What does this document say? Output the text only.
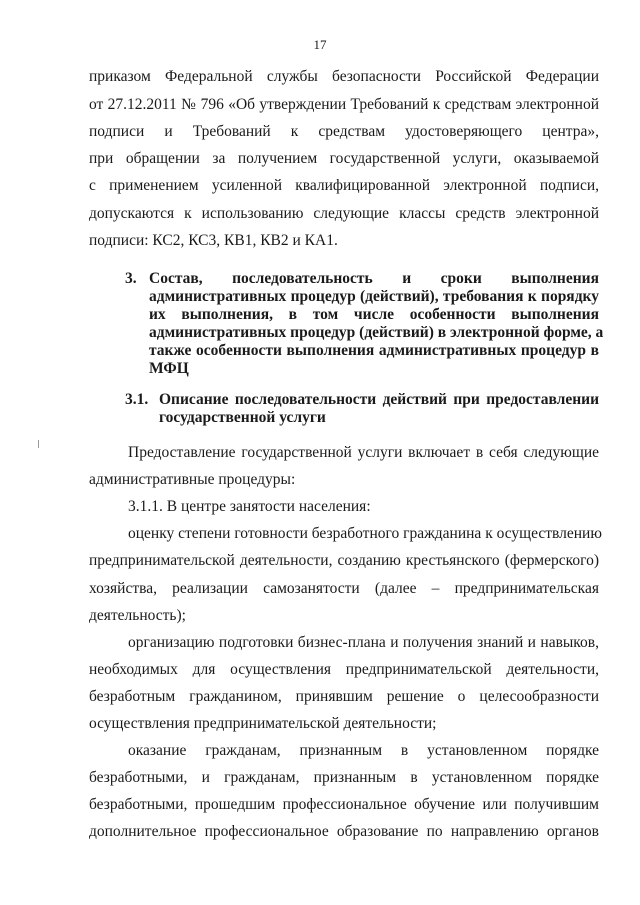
17
приказом Федеральной службы безопасности Российской Федерации
от 27.12.2011 № 796 «Об утверждении Требований к средствам электронной
подписи и Требований к средствам удостоверяющего центра»,
при обращении за получением государственной услуги, оказываемой
с применением усиленной квалифицированной электронной подписи,
допускаются к использованию следующие классы средств электронной
подписи: КС2, КС3, КВ1, КВ2 и КА1.
3. Состав, последовательность и сроки выполнения
административных процедур (действий), требования к порядку
их выполнения, в том числе особенности выполнения
административных процедур (действий) в электронной форме, а
также особенности выполнения административных процедур в
МФЦ
3.1. Описание последовательности действий при предоставлении
государственной услуги
Предоставление государственной услуги включает в себя следующие
административные процедуры:
3.1.1. В центре занятости населения:
оценку степени готовности безработного гражданина к осуществлению
предпринимательской деятельности, созданию крестьянского (фермерского)
хозяйства, реализации самозанятости (далее – предпринимательская
деятельность);
организацию подготовки бизнес-плана и получения знаний и навыков,
необходимых для осуществления предпринимательской деятельности,
безработным гражданином, принявшим решение о целесообразности
осуществления предпринимательской деятельности;
оказание гражданам, признанным в установленном порядке
безработными, и гражданам, признанным в установленном порядке
безработными, прошедшим профессиональное обучение или получившим
дополнительное профессиональное образование по направлению органов
